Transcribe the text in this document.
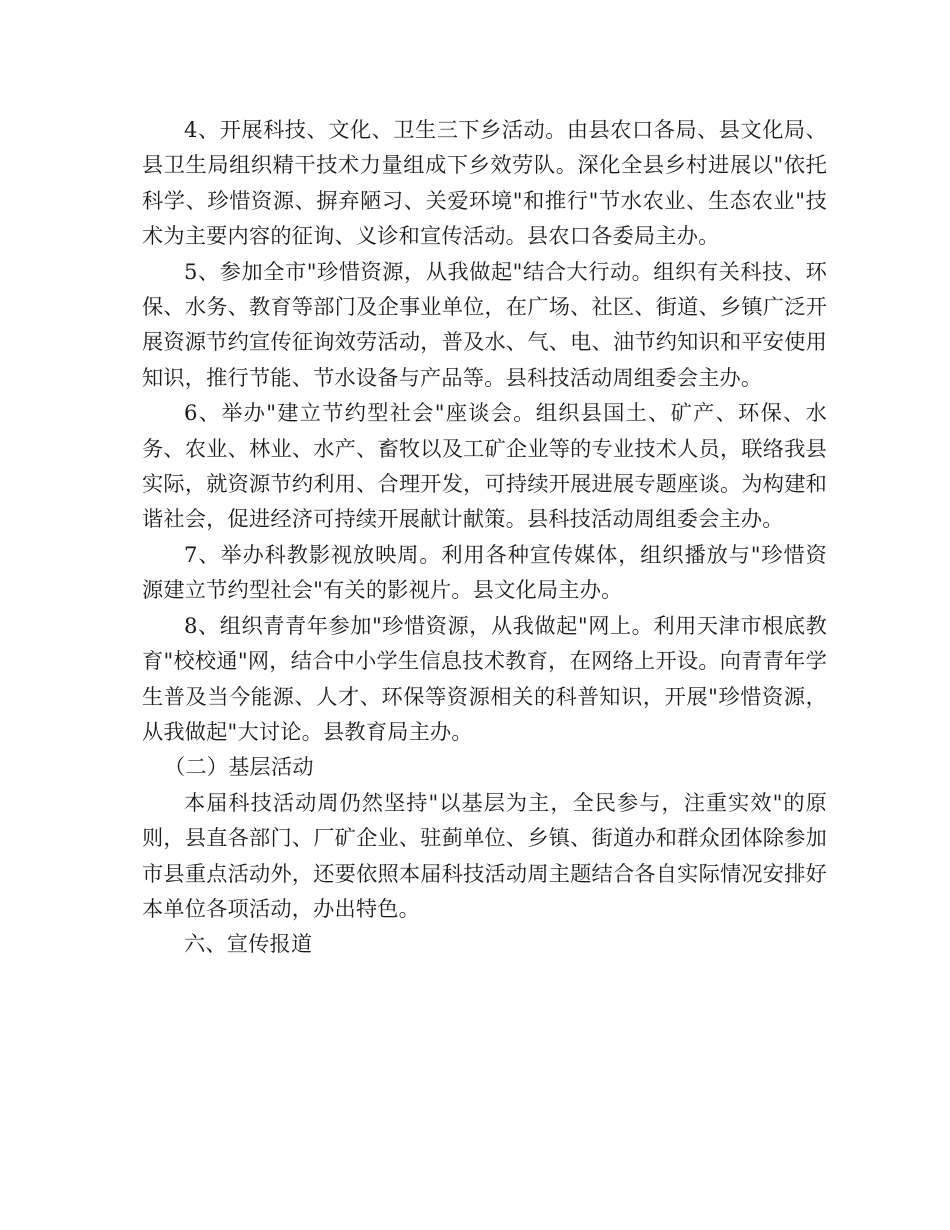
4、开展科技、文化、卫生三下乡活动。由县农口各局、县文化局、县卫生局组织精干技术力量组成下乡效劳队。深化全县乡村进展以"依托科学、珍惜资源、摒弃陋习、关爱环境"和推行"节水农业、生态农业"技术为主要内容的征询、义诊和宣传活动。县农口各委局主办。

5、参加全市"珍惜资源，从我做起"结合大行动。组织有关科技、环保、水务、教育等部门及企事业单位，在广场、社区、街道、乡镇广泛开展资源节约宣传征询效劳活动，普及水、气、电、油节约知识和平安使用知识，推行节能、节水设备与产品等。县科技活动周组委会主办。

6、举办"建立节约型社会"座谈会。组织县国土、矿产、环保、水务、农业、林业、水产、畜牧以及工矿企业等的专业技术人员，联络我县实际，就资源节约利用、合理开发，可持续开展进展专题座谈。为构建和谐社会，促进经济可持续开展献计献策。县科技活动周组委会主办。

7、举办科教影视放映周。利用各种宣传媒体，组织播放与"珍惜资源建立节约型社会"有关的影视片。县文化局主办。

8、组织青青年参加"珍惜资源，从我做起"网上。利用天津市根底教育"校校通"网，结合中小学生信息技术教育，在网络上开设。向青青年学生普及当今能源、人才、环保等资源相关的科普知识，开展"珍惜资源，从我做起"大讨论。县教育局主办。

（二）基层活动

本届科技活动周仍然坚持"以基层为主，全民参与，注重实效"的原则，县直各部门、厂矿企业、驻蓟单位、乡镇、街道办和群众团体除参加市县重点活动外，还要依照本届科技活动周主题结合各自实际情况安排好本单位各项活动，办出特色。

六、宣传报道
